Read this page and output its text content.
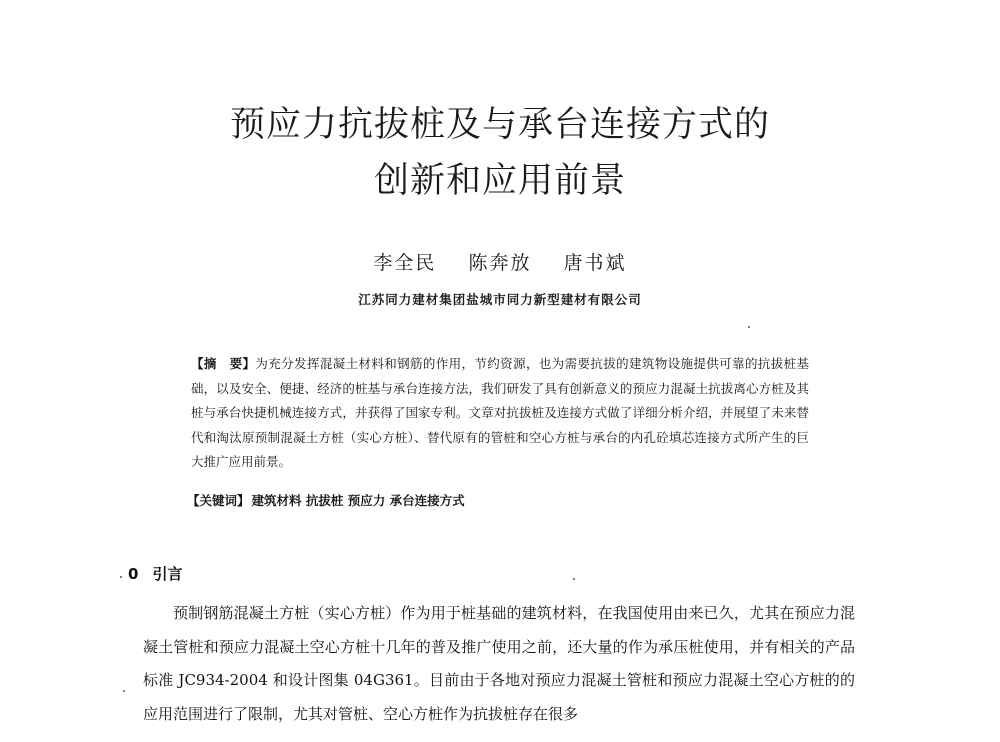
预应力抗拔桩及与承台连接方式的
创新和应用前景
李全民 陈奔放 唐书斌
江苏同力建材集团盐城市同力新型建材有限公司
【摘　要】为充分发挥混凝土材料和钢筋的作用，节约资源，也为需要抗拔的建筑物设施提供可靠的抗拔桩基础，以及安全、便捷、经济的桩基与承台连接方法，我们研发了具有创新意义的预应力混凝土抗拔离心方桩及其桩与承台快捷机械连接方式，并获得了国家专利。文章对抗拔桩及连接方式做了详细分析介绍，并展望了未来替代和淘汰原预制混凝土方桩（实心方桩）、替代原有的管桩和空心方桩与承台的内孔砼填芯连接方式所产生的巨大推广应用前景。
【关键词】 建筑材料 抗拔桩 预应力 承台连接方式
0 引言

预制钢筋混凝土方桩（实心方桩）作为用于桩基础的建筑材料，在我国使用由来已久，尤其在预应力混凝土管桩和预应力混凝土空心方桩十几年的普及推广使用之前，还大量的作为承压桩使用，并有相关的产品标准 JC934-2004 和设计图集 04G361。目前由于各地对预应力混凝土管桩和预应力混凝土空心方桩的的应用范围进行了限制，尤其对管桩、空心方桩作为抗拔桩存在很多
